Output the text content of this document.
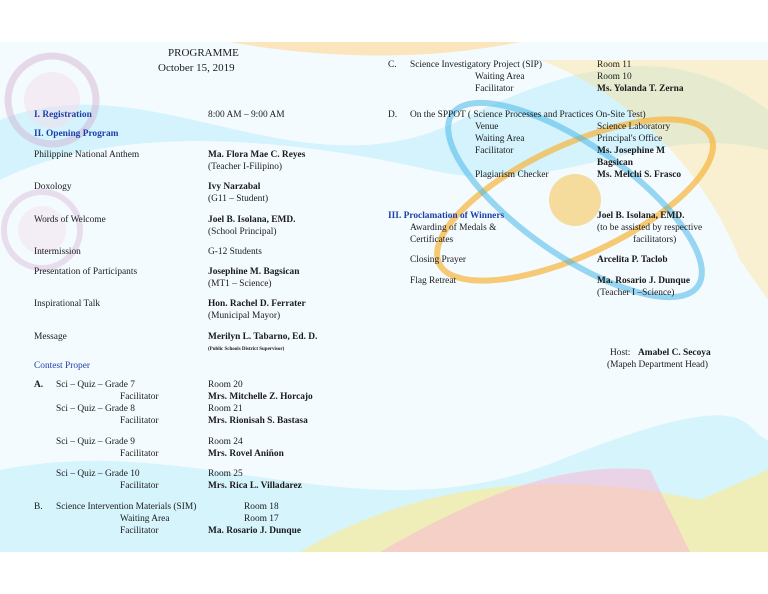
PROGRAMME
October 15, 2019
I. Registration	8:00 AM – 9:00 AM
II. Opening Program
Philippine National Anthem	Ma. Flora Mae C. Reyes
(Teacher I-Filipino)
Doxology	Ivy Narzabal
(G11 – Student)
Words of Welcome	Joel B. Isolana, EMD.
(School Principal)
Intermission	G-12 Students
Presentation of Participants	Josephine M. Bagsican
(MT1 – Science)
Inspirational Talk	Hon. Rachel D. Ferrater
(Municipal Mayor)
Message	Merilyn L. Tabarno, Ed. D.
(Public Schools District Supervisor)
Contest Proper
A. Sci – Quiz – Grade 7	Room 20
Facilitator	Mrs. Mitchelle Z. Horcajo
Sci – Quiz – Grade 8	Room 21
Facilitator	Mrs. Rionisah S. Bastasa
Sci – Quiz – Grade 9	Room 24
Facilitator	Mrs. Rovel Aniñon
Sci – Quiz – Grade 10	Room 25
Facilitator	Mrs. Rica L. Villadarez
B. Science Intervention Materials (SIM)	Room 18
Waiting Area	Room 17
Facilitator	Ma. Rosario J. Dunque
C. Science Investigatory Project (SIP)	Room 11
Waiting Area	Room 10
Facilitator	Ms. Yolanda T. Zerna
D. On the SPPOT ( Science Processes and Practices On-Site Test)
Venue	Science Laboratory
Waiting Area	Principal's Office
Facilitator	Ms. Josephine M
Bagsican
Plagiarism Checker	Ms. Melchi S. Frasco
III. Proclamation of Winners	Joel B. Isolana, EMD.
Awarding of Medals &	(to be assisted by respective
Certificates	facilitators)
Closing Prayer	Arcelita P. Taclob
Flag Retreat	Ma. Rosario J. Dunque
(Teacher I –Science)
Host: Amabel C. Secoya
(Mapeh Department Head)
